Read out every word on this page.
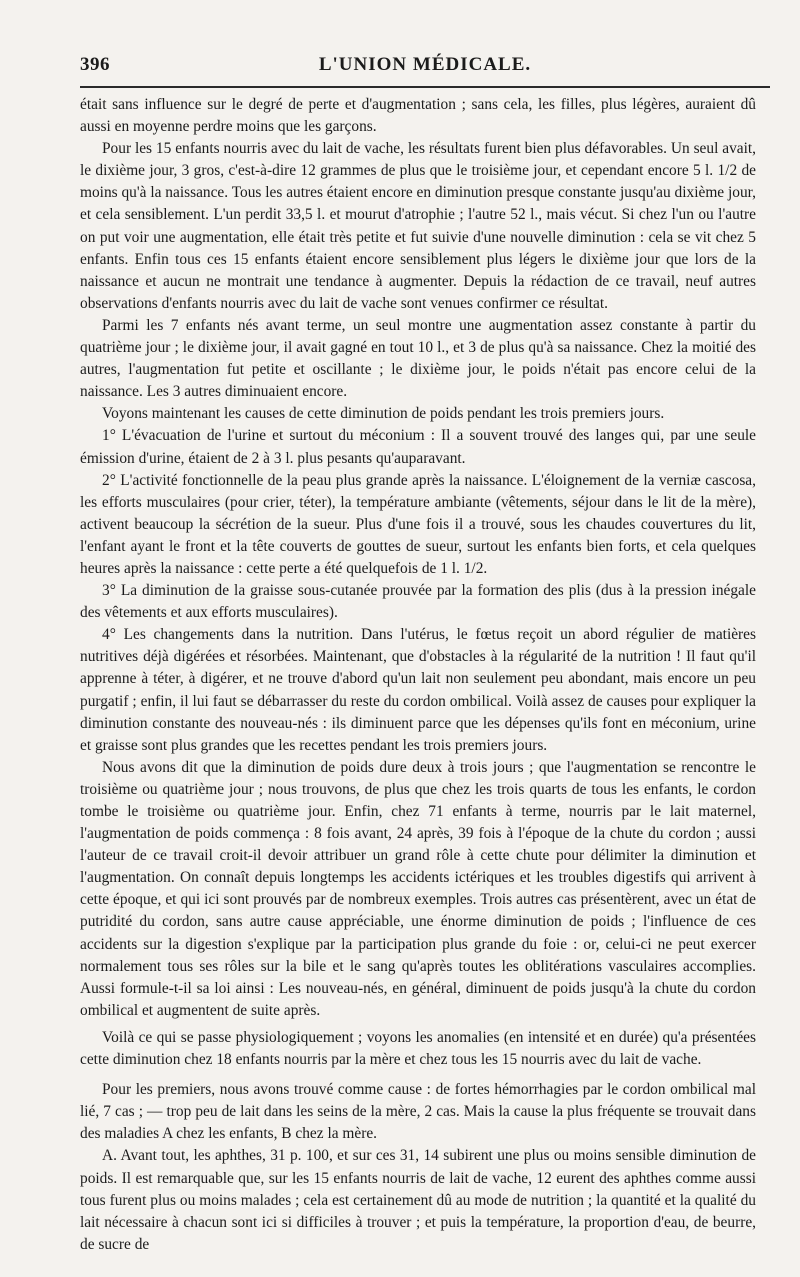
396	L'UNION MÉDICALE.

était sans influence sur le degré de perte et d'augmentation ; sans cela, les filles, plus légères, auraient dû aussi en moyenne perdre moins que les garçons.

Pour les 15 enfants nourris avec du lait de vache, les résultats furent bien plus défavorables. Un seul avait, le dixième jour, 3 gros, c'est-à-dire 12 grammes de plus que le troisième jour, et cependant encore 5 l. 1/2 de moins qu'à la naissance. Tous les autres étaient encore en diminution presque constante jusqu'au dixième jour, et cela sensiblement. L'un perdit 33,5 l. et mourut d'atrophie ; l'autre 52 l., mais vécut. Si chez l'un ou l'autre on put voir une augmentation, elle était très petite et fut suivie d'une nouvelle diminution : cela se vit chez 5 enfants. Enfin tous ces 15 enfants étaient encore sensiblement plus légers le dixième jour que lors de la naissance et aucun ne montrait une tendance à augmenter. Depuis la rédaction de ce travail, neuf autres observations d'enfants nourris avec du lait de vache sont venues confirmer ce résultat.

Parmi les 7 enfants nés avant terme, un seul montre une augmentation assez constante à partir du quatrième jour ; le dixième jour, il avait gagné en tout 10 l., et 3 de plus qu'à sa naissance. Chez la moitié des autres, l'augmentation fut petite et oscillante ; le dixième jour, le poids n'était pas encore celui de la naissance. Les 3 autres diminuaient encore.

Voyons maintenant les causes de cette diminution de poids pendant les trois premiers jours.

1° L'évacuation de l'urine et surtout du méconium : Il a souvent trouvé des langes qui, par une seule émission d'urine, étaient de 2 à 3 l. plus pesants qu'auparavant.

2° L'activité fonctionnelle de la peau plus grande après la naissance. L'éloignement de la verniæ cascosa, les efforts musculaires (pour crier, téter), la température ambiante (vêtements, séjour dans le lit de la mère), activent beaucoup la sécrétion de la sueur. Plus d'une fois il a trouvé, sous les chaudes couvertures du lit, l'enfant ayant le front et la tête couverts de gouttes de sueur, surtout les enfants bien forts, et cela quelques heures après la naissance : cette perte a été quelquefois de 1 l. 1/2.

3° La diminution de la graisse sous-cutanée prouvée par la formation des plis (dus à la pression inégale des vêtements et aux efforts musculaires).

4° Les changements dans la nutrition. Dans l'utérus, le fœtus reçoit un abord régulier de matières nutritives déjà digérées et résorbées. Maintenant, que d'obstacles à la régularité de la nutrition ! Il faut qu'il apprenne à téter, à digérer, et ne trouve d'abord qu'un lait non seulement peu abondant, mais encore un peu purgatif ; enfin, il lui faut se débarrasser du reste du cordon ombilical. Voilà assez de causes pour expliquer la diminution constante des nouveau-nés : ils diminuent parce que les dépenses qu'ils font en méconium, urine et graisse sont plus grandes que les recettes pendant les trois premiers jours.

Nous avons dit que la diminution de poids dure deux à trois jours ; que l'augmentation se rencontre le troisième ou quatrième jour ; nous trouvons, de plus que chez les trois quarts de tous les enfants, le cordon tombe le troisième ou quatrième jour. Enfin, chez 71 enfants à terme, nourris par le lait maternel, l'augmentation de poids commença : 8 fois avant, 24 après, 39 fois à l'époque de la chute du cordon ; aussi l'auteur de ce travail croit-il devoir attribuer un grand rôle à cette chute pour délimiter la diminution et l'augmentation. On connaît depuis longtemps les accidents ictériques et les troubles digestifs qui arrivent à cette époque, et qui ici sont prouvés par de nombreux exemples. Trois autres cas présentèrent, avec un état de putridité du cordon, sans autre cause appréciable, une énorme diminution de poids ; l'influence de ces accidents sur la digestion s'explique par la participation plus grande du foie : or, celui-ci ne peut exercer normalement tous ses rôles sur la bile et le sang qu'après toutes les oblitérations vasculaires accomplies. Aussi formule-t-il sa loi ainsi : Les nouveau-nés, en général, diminuent de poids jusqu'à la chute du cordon ombilical et augmentent de suite après.

Voilà ce qui se passe physiologiquement ; voyons les anomalies (en intensité et en durée) qu'a présentées cette diminution chez 18 enfants nourris par la mère et chez tous les 15 nourris avec du lait de vache.

Pour les premiers, nous avons trouvé comme cause : de fortes hémorrhagies par le cordon ombilical mal lié, 7 cas ; — trop peu de lait dans les seins de la mère, 2 cas. Mais la cause la plus fréquente se trouvait dans des maladies A chez les enfants, B chez la mère.

A. Avant tout, les aphthes, 31 p. 100, et sur ces 31, 14 subirent une plus ou moins sensible diminution de poids. Il est remarquable que, sur les 15 enfants nourris de lait de vache, 12 eurent des aphthes comme aussi tous furent plus ou moins malades ; cela est certainement dû au mode de nutrition ; la quantité et la qualité du lait nécessaire à chacun sont ici si difficiles à trouver ; et puis la température, la proportion d'eau, de beurre, de sucre de
